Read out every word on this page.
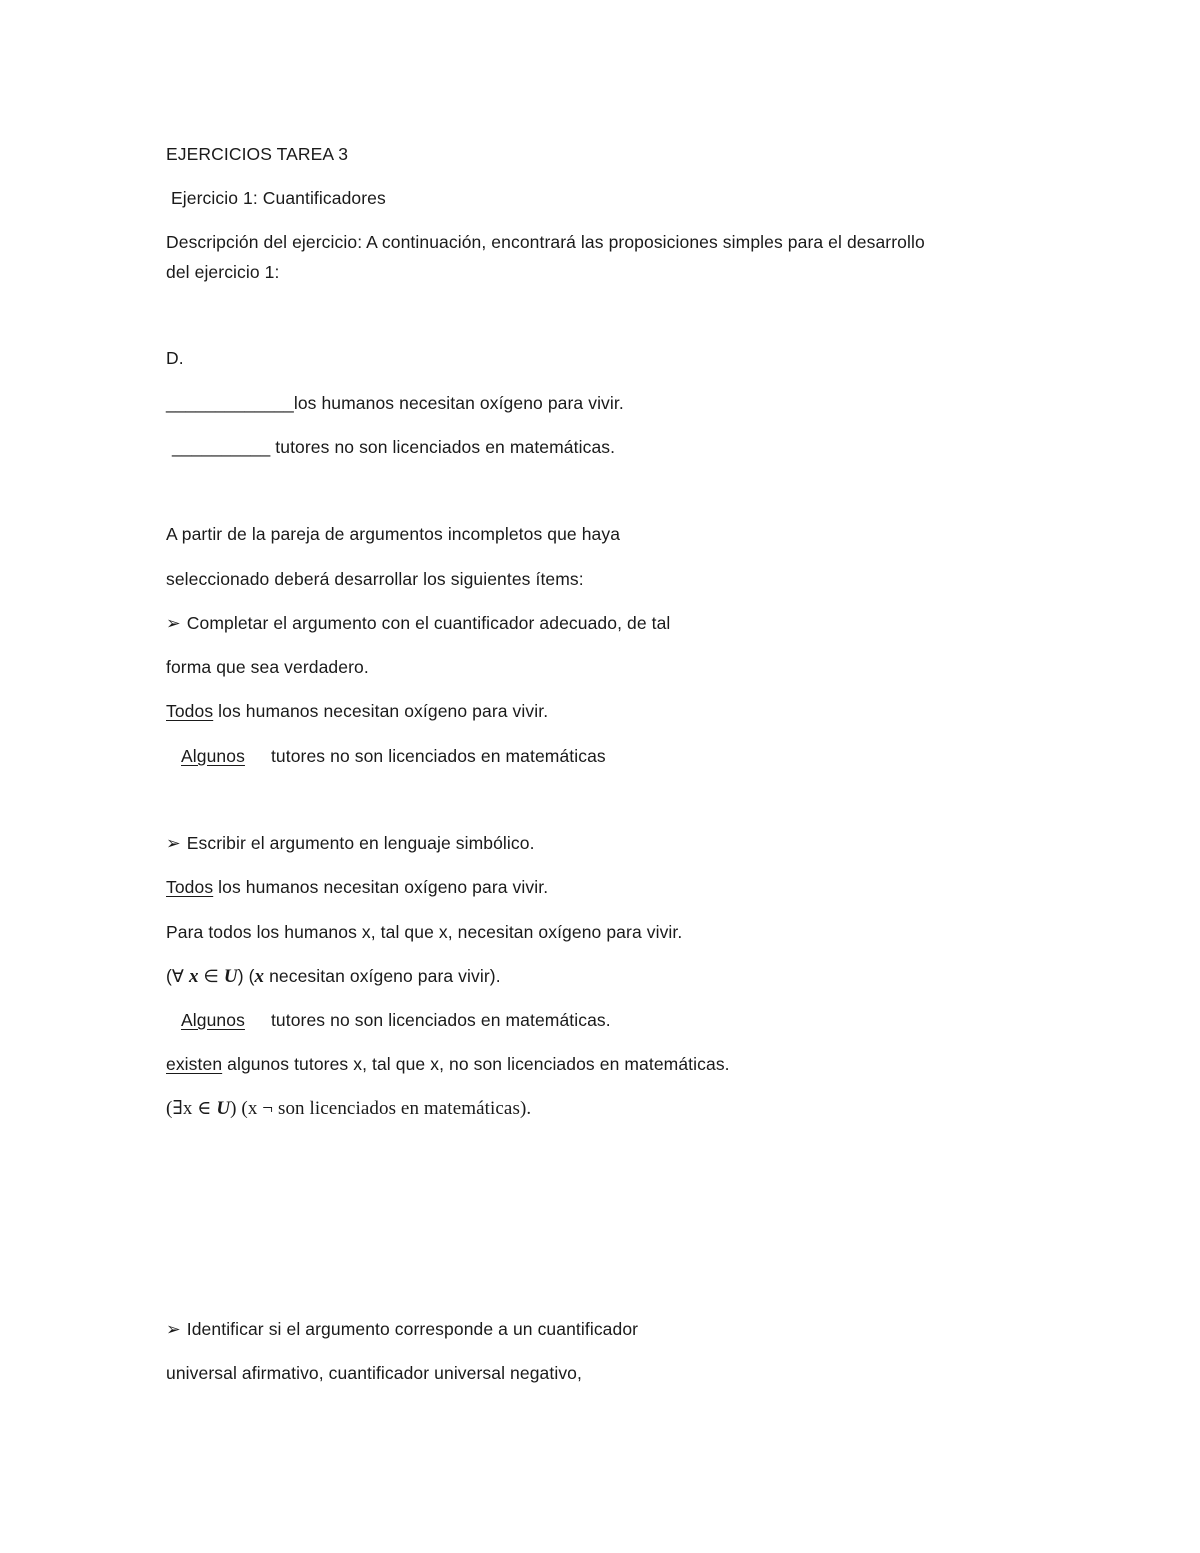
EJERCICIOS TAREA 3
Ejercicio 1: Cuantificadores
Descripción del ejercicio: A continuación, encontrará las proposiciones simples para el desarrollo
del ejercicio 1:
D.
_____________los humanos necesitan oxígeno para vivir.
__________ tutores no son licenciados en matemáticas.
A partir de la pareja de argumentos incompletos que haya
seleccionado deberá desarrollar los siguientes ítems:
➢ Completar el argumento con el cuantificador adecuado, de tal
forma que sea verdadero.
Todos los humanos necesitan oxígeno para vivir.
Algunos tutores no son licenciados en matemáticas
➢ Escribir el argumento en lenguaje simbólico.
Todos los humanos necesitan oxígeno para vivir.
Para todos los humanos x, tal que x, necesitan oxígeno para vivir.
(∀ x ∈ U) (x necesitan oxígeno para vivir).
Algunos tutores no son licenciados en matemáticas.
existen algunos tutores x, tal que x, no son licenciados en matemáticas.
(∃x ∈ U) (x ¬ son licenciados en matemáticas).
➢ Identificar si el argumento corresponde a un cuantificador
universal afirmativo, cuantificador universal negativo,
